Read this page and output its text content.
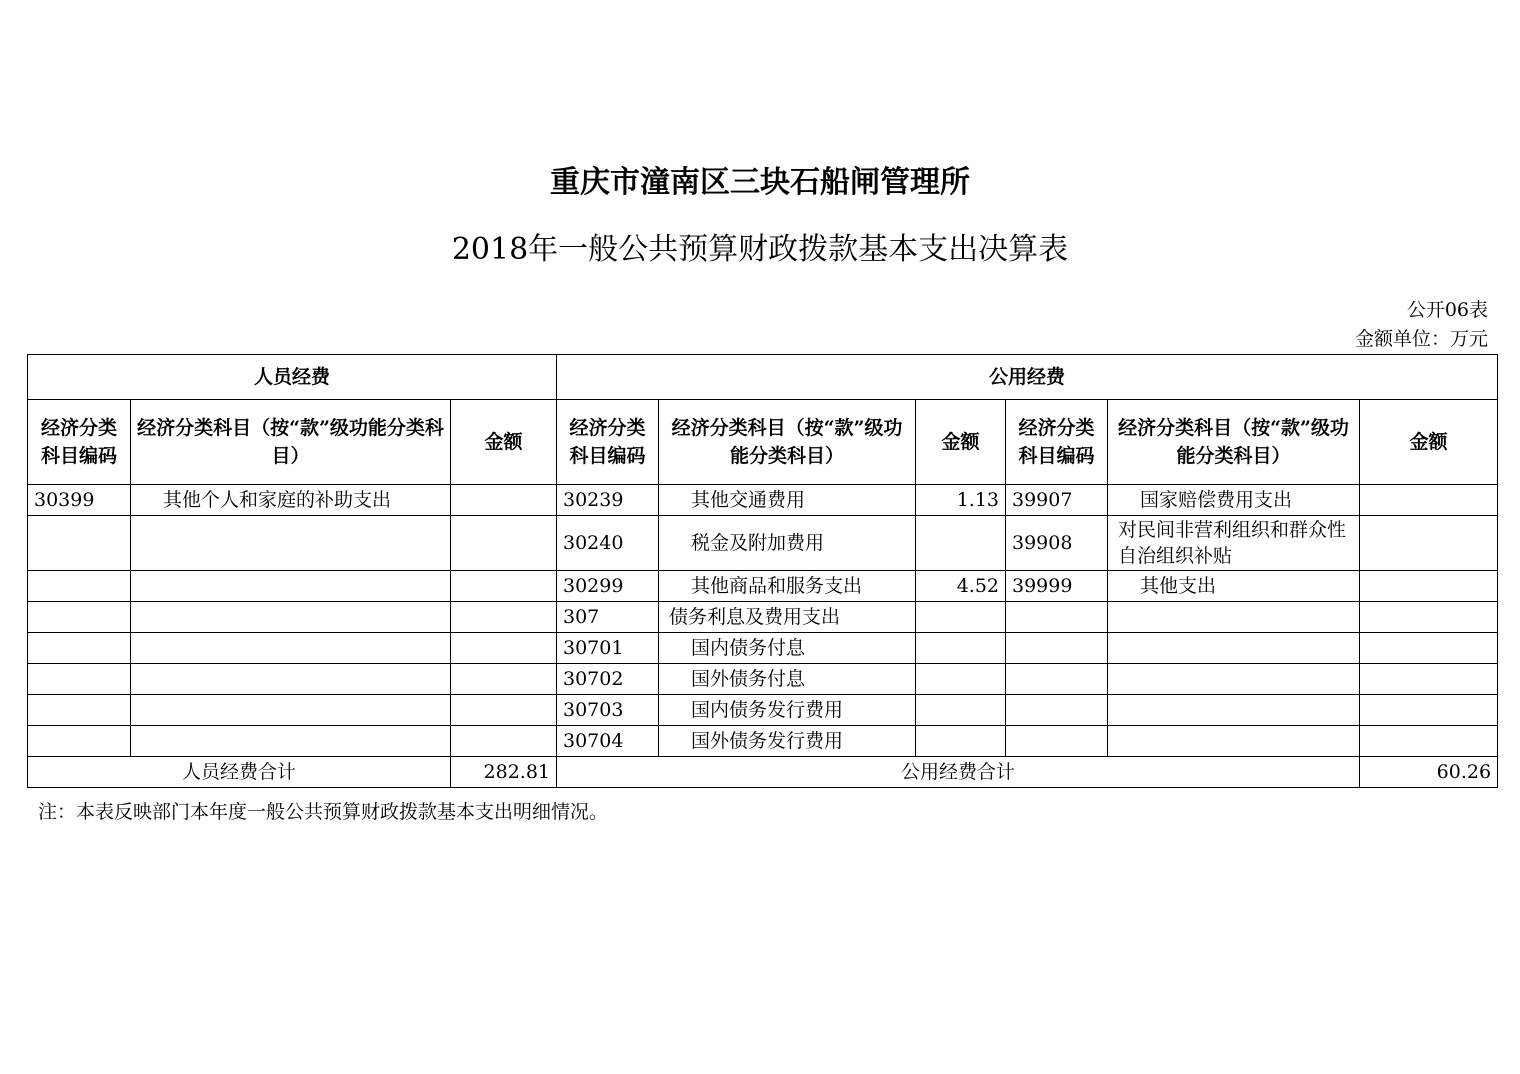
重庆市潼南区三块石船闸管理所
2018年一般公共预算财政拨款基本支出决算表
公开06表
金额单位：万元
人员经费			公用经费					
经济分类科目编码	经济分类科目（按“款”级功能分类科目）	金额	经济分类科目编码	经济分类科目（按“款”级功能分类科目）	金额	经济分类科目编码	经济分类科目（按“款”级功能分类科目）	金额
30399	其他个人和家庭的补助支出		30239	其他交通费用	1.13	39907	国家赔偿费用支出	
			30240	税金及附加费用		39908	对民间非营利组织和群众性自治组织补贴	
			30299	其他商品和服务支出	4.52	39999	其他支出	
			307	债务利息及费用支出				
			30701	国内债务付息				
			30702	国外债务付息				
			30703	国内债务发行费用				
			30704	国外债务发行费用				
人员经费合计		282.81	公用经费合计					60.26
注：本表反映部门本年度一般公共预算财政拨款基本支出明细情况。
